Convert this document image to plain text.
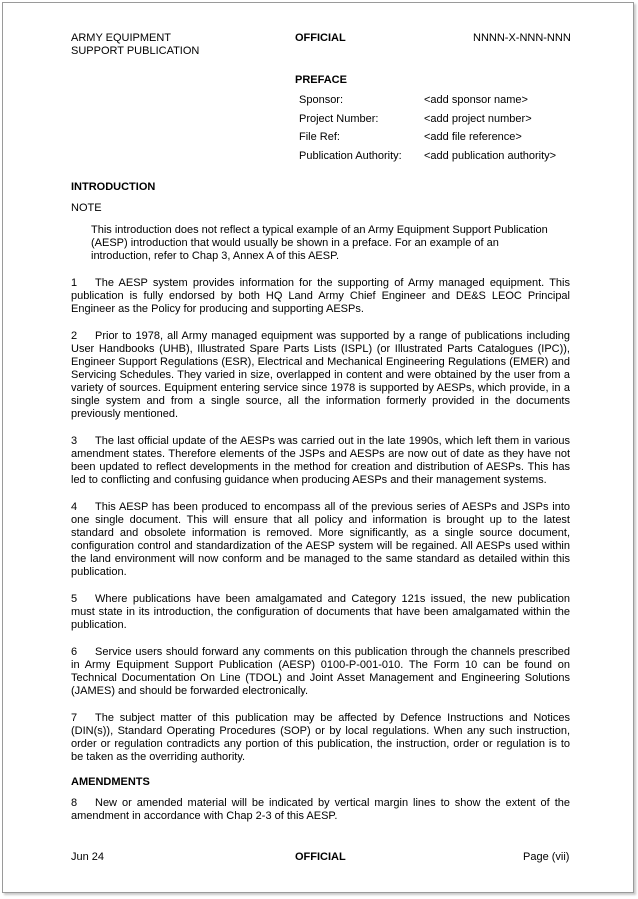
ARMY EQUIPMENT
SUPPORT PUBLICATION
OFFICIAL	NNNN-X-NNN-NNN
PREFACE
Sponsor:	<add sponsor name>
Project Number:	<add project number>
File Ref:	<add file reference>
Publication Authority:	<add publication authority>

INTRODUCTION

NOTE

This introduction does not reflect a typical example of an Army Equipment Support Publication (AESP) introduction that would usually be shown in a preface. For an example of an introduction, refer to Chap 3, Annex A of this AESP.

1 The AESP system provides information for the supporting of Army managed equipment. This publication is fully endorsed by both HQ Land Army Chief Engineer and DE&S LEOC Principal Engineer as the Policy for producing and supporting AESPs.

2 Prior to 1978, all Army managed equipment was supported by a range of publications including User Handbooks (UHB), Illustrated Spare Parts Lists (ISPL) (or Illustrated Parts Catalogues (IPC)), Engineer Support Regulations (ESR), Electrical and Mechanical Engineering Regulations (EMER) and Servicing Schedules. They varied in size, overlapped in content and were obtained by the user from a variety of sources. Equipment entering service since 1978 is supported by AESPs, which provide, in a single system and from a single source, all the information formerly provided in the documents previously mentioned.

3 The last official update of the AESPs was carried out in the late 1990s, which left them in various amendment states. Therefore elements of the JSPs and AESPs are now out of date as they have not been updated to reflect developments in the method for creation and distribution of AESPs. This has led to conflicting and confusing guidance when producing AESPs and their management systems.

4 This AESP has been produced to encompass all of the previous series of AESPs and JSPs into one single document. This will ensure that all policy and information is brought up to the latest standard and obsolete information is removed. More significantly, as a single source document, configuration control and standardization of the AESP system will be regained. All AESPs used within the land environment will now conform and be managed to the same standard as detailed within this publication.

5 Where publications have been amalgamated and Category 121s issued, the new publication must state in its introduction, the configuration of documents that have been amalgamated within the publication.

6 Service users should forward any comments on this publication through the channels prescribed in Army Equipment Support Publication (AESP) 0100-P-001-010. The Form 10 can be found on Technical Documentation On Line (TDOL) and Joint Asset Management and Engineering Solutions (JAMES) and should be forwarded electronically.

7 The subject matter of this publication may be affected by Defence Instructions and Notices (DIN(s)), Standard Operating Procedures (SOP) or by local regulations. When any such instruction, order or regulation contradicts any portion of this publication, the instruction, order or regulation is to be taken as the overriding authority.

AMENDMENTS

8 New or amended material will be indicated by vertical margin lines to show the extent of the amendment in accordance with Chap 2-3 of this AESP.

Jun 24	OFFICIAL	Page (vii)
